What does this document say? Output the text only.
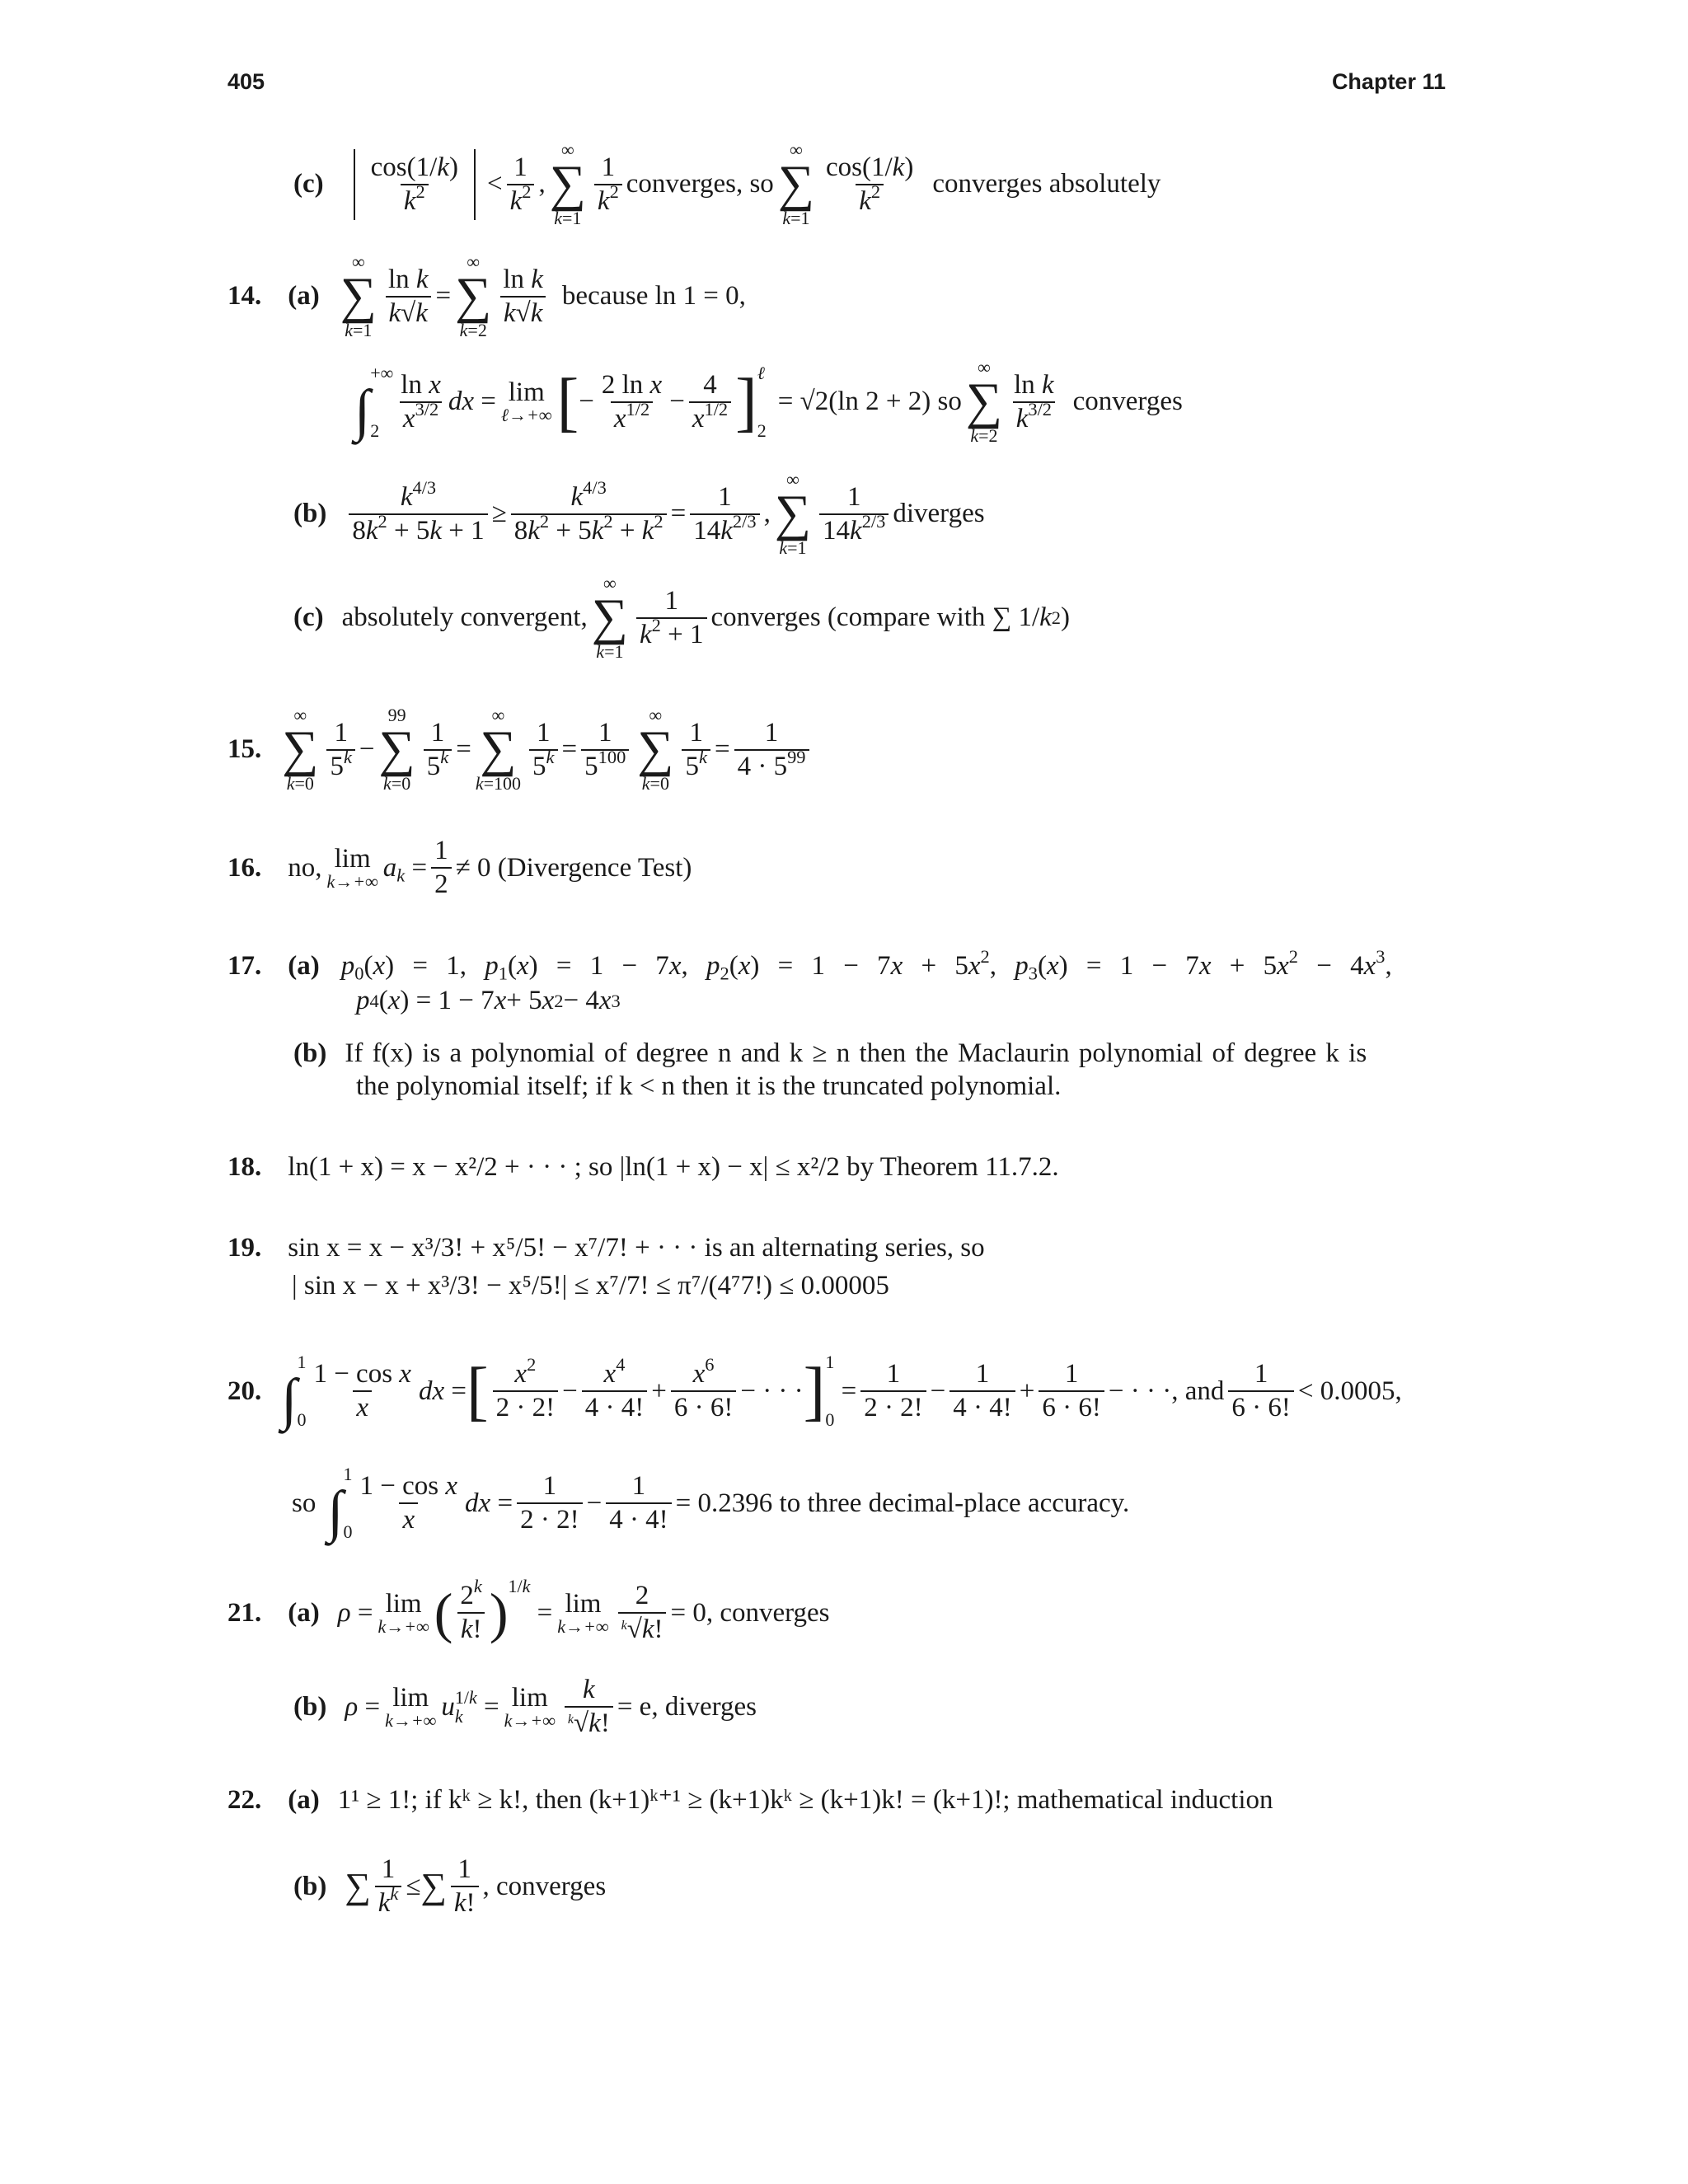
405	Chapter 11
(c)
cos(1/k)
$k^2$ <
1
$k^2$ ,
∞
∑
k=1
1
$k^2$ converges, so
∞
∑
k=1
cos(1/k)
$k^2$ converges absolutely
14. (a)
∞
∑
k=1
ln k
k√k
=
∞
∑
k=2
ln k
k√k
because ln 1 = 0,
∫
+∞
2
ln x
$x^{3/2}$ dx = lim
ℓ→+∞ [ −
2 ln x
$x^{1/2}$ −
4
$x^{1/2}$ ] ℓ
2
= √2(ln 2 + 2) so
∞
∑
k=2
ln k
$k^{3/2}$ converges
(b)
$k^{4/3}$
$8k^2 + 5k + 1$
≥
$k^{4/3}$
$8k^2 + 5k^2 + k^2$ =
1
$14k^{2/3}$ ,
∞
∑
k=1
1
$14k^{2/3}$ diverges
(c) absolutely convergent,
∞
∑
k=1
1
$k^2 + 1$
converges (compare with ∑ 1/ k 2 )
15.
∞
∑
k=0
1
$5^k$ −
99
∑
k=0
1
$5^k$ =
∞
∑
k=100
1
$5^k$ =
1
$5^{100}$
∞
∑
k=0
1
$5^k$ =
1
$4 \cdot 5^{99}$
16. no, lim
k→+∞ $a_k$ =
1
2
≠ 0 (Divergence Test)
17. (a) $p_0(x) = 1$, $p_1(x) = 1 - 7x$, $p_2(x) = 1 - 7x + 5x^2$, $p_3(x) = 1 - 7x + 5x^2 - 4x^3$,
p 4 ( x ) = 1 − 7 x + 5 x 2 − 4 x 3
(b) If f(x) is a polynomial of degree n and k ≥ n then the Maclaurin polynomial of degree k is
the polynomial itself; if k < n then it is the truncated polynomial.
18. ln(1 + x) = x − x²/2 + · · · ; so |ln(1 + x) − x| ≤ x²/2 by Theorem 11.7.2.
19. sin x = x − x³/3! + x⁵/5! − x⁷/7! + · · · is an alternating series, so
| sin x − x + x³/3! − x⁵/5!| ≤ x⁷/7! ≤ π⁷/(4⁷7!) ≤ 0.00005
20. ∫
1
0
1 − cos x
x
dx = [ $x^2$
2 · 2!
−
$x^4$
4 · 4!
+
$x^6$
6 · 6!
− · · · ] 1
0
=
1
2 · 2!
−
1
4 · 4!
+
1
6 · 6!
− · · ·, and
1
6 · 6!
< 0.0005,
so ∫
1
0
1 − cos x
x
dx =
1
2 · 2!
− $\frac{1}{4 \cdot 4!} = 0.2396$ to three decimal-place accuracy.
21. (a) ρ = lim
k→+∞ ( 2$^k$
k! ) 1/k
= lim
$k\to+\infty \frac{2}{^k√k!} = 0$, converges
(b) ρ = lim
k→+∞ u 1/k
k = lim
$k\to+\infty \frac{k}{^k√k!} = e$, diverges
22. (a) 1¹ ≥ 1!; if kᵏ ≥ k!, then (k+1)ᵏ⁺¹ ≥ (k+1)kᵏ ≥ (k+1)k! = (k+1)!; mathematical induction
(b) ∑ 1
$k^k$ ≤ ∑ 1
k!
, converges
